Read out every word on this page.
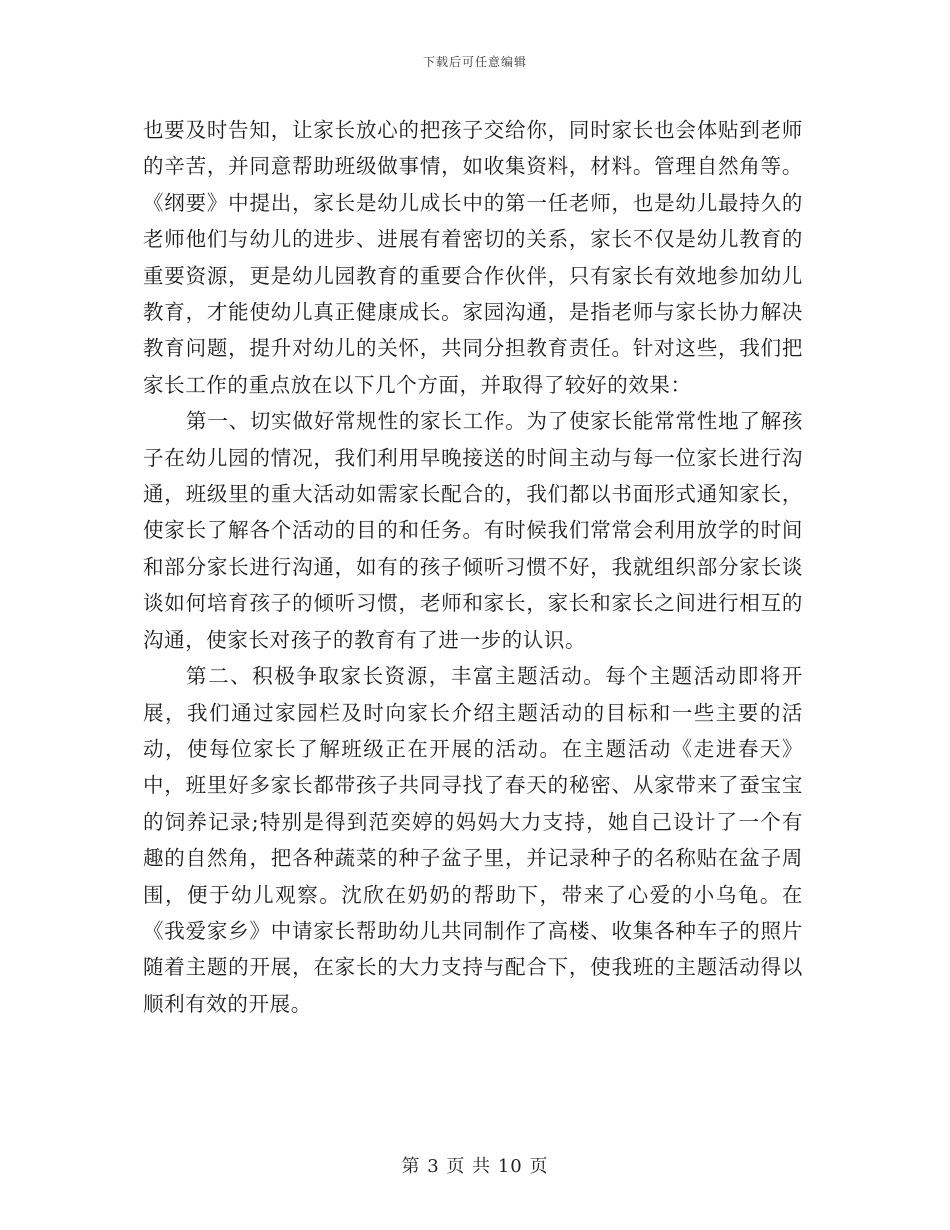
下载后可任意编辑

也要及时告知，让家长放心的把孩子交给你，同时家长也会体贴到老师的辛苦，并同意帮助班级做事情，如收集资料，材料。管理自然角等。《纲要》中提出，家长是幼儿成长中的第一任老师，也是幼儿最持久的老师他们与幼儿的进步、进展有着密切的关系，家长不仅是幼儿教育的重要资源，更是幼儿园教育的重要合作伙伴，只有家长有效地参加幼儿教育，才能使幼儿真正健康成长。家园沟通，是指老师与家长协力解决教育问题，提升对幼儿的关怀，共同分担教育责任。针对这些，我们把家长工作的重点放在以下几个方面，并取得了较好的效果：

第一、切实做好常规性的家长工作。为了使家长能常常性地了解孩子在幼儿园的情况，我们利用早晚接送的时间主动与每一位家长进行沟通，班级里的重大活动如需家长配合的，我们都以书面形式通知家长，使家长了解各个活动的目的和任务。有时候我们常常会利用放学的时间和部分家长进行沟通，如有的孩子倾听习惯不好，我就组织部分家长谈谈如何培育孩子的倾听习惯，老师和家长，家长和家长之间进行相互的沟通，使家长对孩子的教育有了进一步的认识。

第二、积极争取家长资源，丰富主题活动。每个主题活动即将开展，我们通过家园栏及时向家长介绍主题活动的目标和一些主要的活动，使每位家长了解班级正在开展的活动。在主题活动《走进春天》中，班里好多家长都带孩子共同寻找了春天的秘密、从家带来了蚕宝宝的饲养记录;特别是得到范奕婷的妈妈大力支持，她自己设计了一个有趣的自然角，把各种蔬菜的种子盆子里，并记录种子的名称贴在盆子周围，便于幼儿观察。沈欣在奶奶的帮助下，带来了心爱的小乌龟。在《我爱家乡》中请家长帮助幼儿共同制作了高楼、收集各种车子的照片随着主题的开展，在家长的大力支持与配合下，使我班的主题活动得以顺利有效的开展。

第 3 页 共 10 页
